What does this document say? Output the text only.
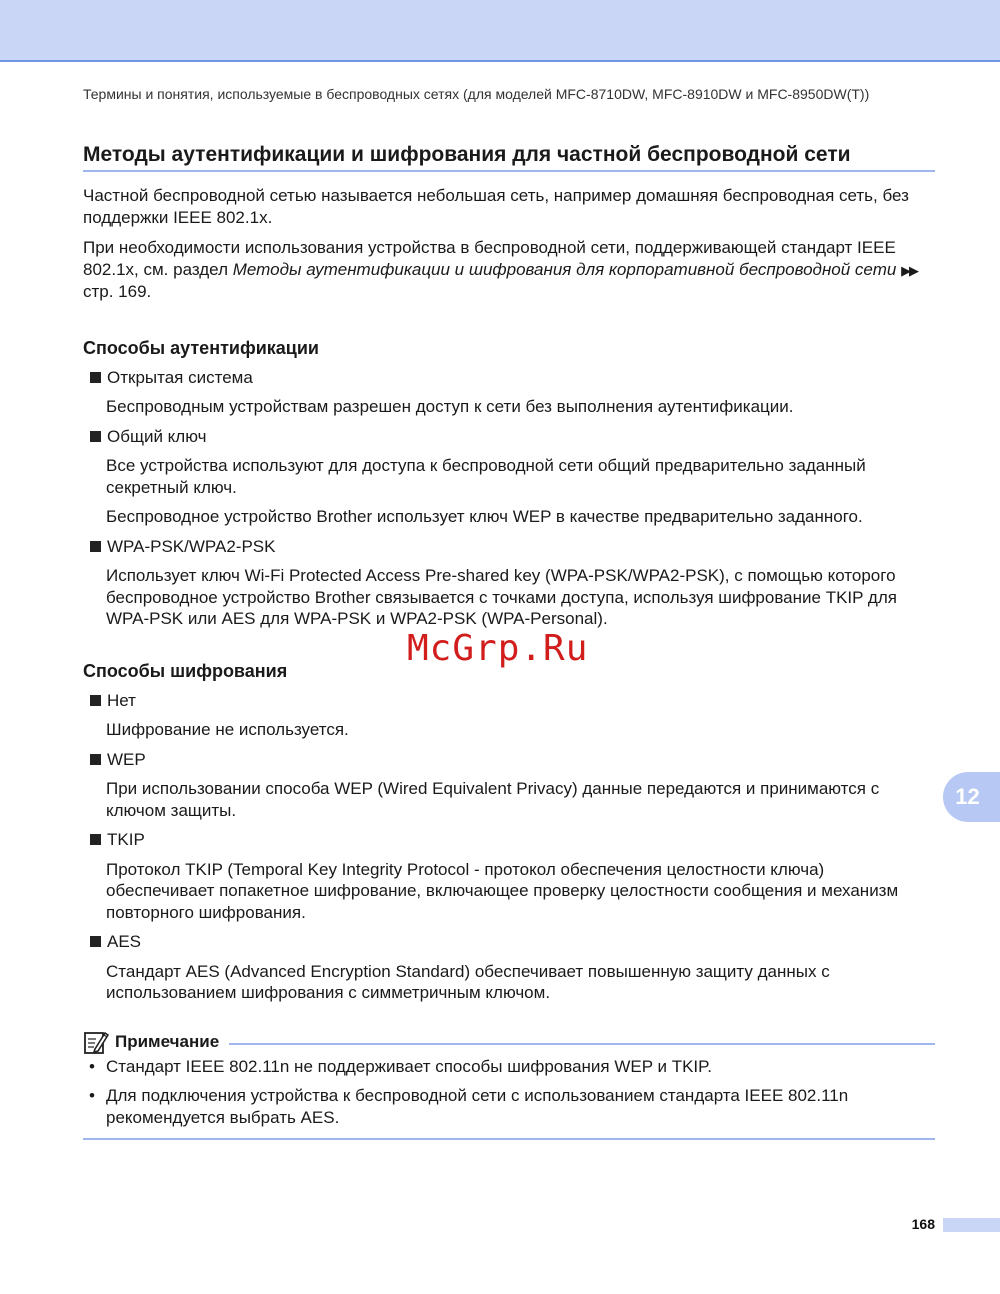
Термины и понятия, используемые в беспроводных сетях (для моделей MFC-8710DW, MFC-8910DW и MFC-8950DW(T))
Методы аутентификации и шифрования для частной беспроводной сети

Частной беспроводной сетью называется небольшая сеть, например домашняя беспроводная сеть, без поддержки IEEE 802.1x.

При необходимости использования устройства в беспроводной сети, поддерживающей стандарт IEEE 802.1x, см. раздел Методы аутентификации и шифрования для корпоративной беспроводной сети ▶▶ стр. 169.

Способы аутентификации
Открытая система
Беспроводным устройствам разрешен доступ к сети без выполнения аутентификации.
Общий ключ
Все устройства используют для доступа к беспроводной сети общий предварительно заданный секретный ключ.
Беспроводное устройство Brother использует ключ WEP в качестве предварительно заданного.
WPA-PSK/WPA2-PSK
Использует ключ Wi-Fi Protected Access Pre-shared key (WPA-PSK/WPA2-PSK), с помощью которого беспроводное устройство Brother связывается с точками доступа, используя шифрование TKIP для WPA-PSK или AES для WPA-PSK и WPA2-PSK (WPA-Personal).
Способы шифрования
Нет
Шифрование не используется.
WEP
При использовании способа WEP (Wired Equivalent Privacy) данные передаются и принимаются с ключом защиты.
TKIP
Протокол TKIP (Temporal Key Integrity Protocol - протокол обеспечения целостности ключа) обеспечивает попакетное шифрование, включающее проверку целостности сообщения и механизм повторного шифрования.
AES
Стандарт AES (Advanced Encryption Standard) обеспечивает повышенную защиту данных с использованием шифрования с симметричным ключом.
Примечание
• Стандарт IEEE 802.11n не поддерживает способы шифрования WEP и TKIP.
• Для подключения устройства к беспроводной сети с использованием стандарта IEEE 802.11n рекомендуется выбрать AES.
McGrp.Ru
12
168
